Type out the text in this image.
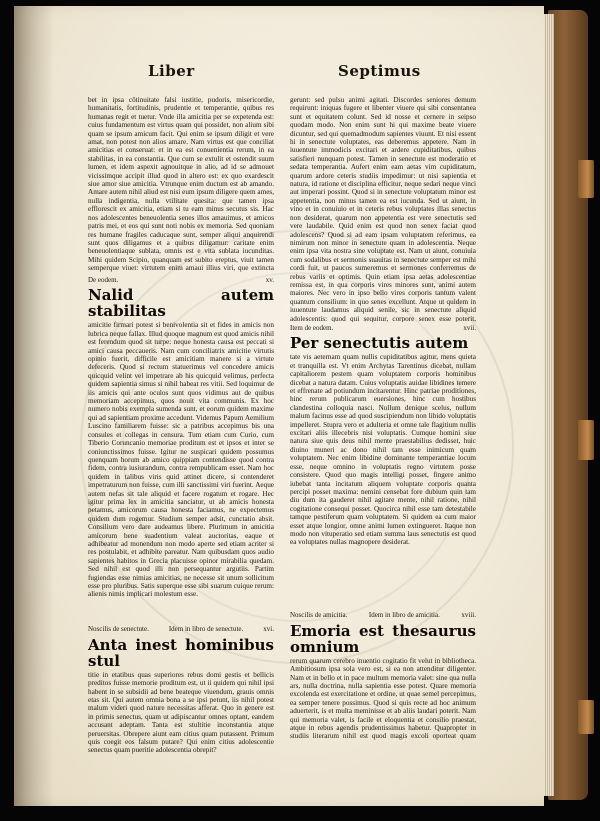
Liber	Septimus

bet in ipsa cõtinuitate falsi iustitie, pudoris, misericordie, humanitatis, fortitudinis, prudentie et temperantie, quibus res humanas regit et tuetur. Vnde illa amicitia per se expetenda est: cuius fundamentum est virtus quam qui possidet, non alium sibi quam se ipsum amicum facit. Qui enim se ipsum diligit et vere amat, non potest non alios amare. Nam virtus est que conciliat amicitias et conseruat: et in ea est conuenientia rerum, in ea stabilitas, in ea constantia. Que cum se extulit et ostendit suum lumen, et idem aspexit agnouitque in alio, ad id se admouet vicissimque accipit illud quod in altero est: ex quo exardescit siue amor siue amicitia. Vtrunque enim ductum est ab amando. Amare autem nihil aliud est nisi eum ipsum diligere quem ames, nulla indigentia, nulla vtilitate quesita: que tamen ipsa efflorescit ex amicitia, etiam si tu eam minus secutus sis. Hac nos adolescentes beneuolentia senes illos amauimus, et amicos patris mei, et eos qui sunt noti nobis ex memoria. Sed quoniam res humane fragiles caducaque sunt, semper aliqui anquirendi sunt quos diligamus et a quibus diligamur: caritate enim beneuolentiaque sublata, omnis est e vita sublata iucunditas. Mihi quidem Scipio, quanquam est subito ereptus, viuit tamen semperque viuet: virtutem enim amaui illius viri, que extincta

De eodem.	xv.
Nalid autem stabilitas

amicitie firmari potest si benivolentia sit et fides in amicis non lubrica neque fallax. Illud quoque magnum est quod amicis nihil est ferendum quod sit turpe: neque honesta causa est peccati si amici causa peccaueris. Nam cum conciliatrix amicitie virtutis opinio fuerit, difficile est amicitiam manere si a virtute defeceris. Quod si rectum statuerimus vel concedere amicis quicquid velint vel impetrare ab his quicquid velimus, perfecta quidem sapientia simus si nihil habeat res vitii. Sed loquimur de iis amicis qui ante oculos sunt quos vidimus aut de quibus memoriam accepimus, quos nouit vita communis. Ex hoc numero nobis exempla sumenda sunt, et eorum quidem maxime qui ad sapientiam proxime accedunt. Videmus Papum Aemilium Luscino familiarem fuisse: sic a patribus accepimus bis una consules et collegas in censura. Tum etiam cum Curio, cum Tiberio Coruncanio memoriae proditum est et ipsos et inter se coniunctissimos fuisse. Igitur ne suspicari quidem possumus quenquam horum ab amico quippiam contendisse quod contra fidem, contra iusiurandum, contra rempublicam esset. Nam hoc quidem in talibus viris quid attinet dicere, si contenderet impetraturum non fuisse, cum illi sanctissimi viri fuerint. Aeque autem nefas sit tale aliquid et facere rogatum et rogare. Hec igitur prima lex in amicitia sanciatur, ut ab amicis honesta petamus, amicorum causa honesta faciamus, ne expectemus quidem dum rogemur. Studium semper adsit, cunctatio absit. Consilium vero dare audeamus libere. Plurimum in amicitia amicorum bene suadentium valeat auctoritas, eaque et adhibeatur ad monendum non modo aperte sed etiam acriter si res postulabit, et adhibite pareatur. Nam quibusdam quos audio sapientes habitos in Grecia placuisse opinor mirabilia quedam. Sed nihil est quod illi non persequantur argutiis. Partim fugiendas esse nimias amicitias, ne necesse sit unum sollicitum esse pro pluribus. Satis superque esse sibi suarum cuique rerum: alienis nimis implicari molestum esse.

Noscilis de senectute.	Idem in libro de senectute.	xvi.
Anta inest hominibus stul

titie in etatibus quas superiores rebus domi gestis et bellicis preditos fuisse memorie proditum est, ut ii quidem qui nihil ipsi habent in se subsidii ad bene beateque viuendum, grauis omnis etas sit. Qui autem omnia bona a se ipsi petunt, iis nihil potest malum videri quod nature necessitas afferat. Quo in genere est in primis senectus, quam ut adipiscantur omnes optant, eandem accusant adeptam. Tanta est stultitie inconstantia atque peruersitas. Obrepere aiunt eam citius quam putassent. Primum quis coegit eos falsum putare? Qui enim citius adolescentie senectus quam pueritie adolescentia obrepit?

gerunt: sed pulsu animi agitati. Discordes seniores demum requirunt: iniquas fugere et libenter viuere qui sibi consentanea sunt et equitatem colunt. Sed id nosse et cernere in seipso quodam modo. Non enim sunt hi qui maxime beate viuere dicuntur, sed qui quemadmodum sapientes viuunt. Et nisi essent hi in senectute voluptates, eas deberemus appetere. Nam in iuuentute immodicis excitari et ardere cupiditatibus, quibus satisfieri nunquam potest. Tamen in senectute est moderatio et sedata temperantia. Aufert enim eam aetas vim cupiditatum, quarum ardore ceteris studiis impedimur: ut nisi sapientia et natura, id ratione et disciplina efficitur, neque sedari neque vinci aut imperari possint. Quod si in senectute voluptatum minor est appetentia, non minus tamen ea est iucunda. Sed ut aiunt, in vino et in conuiuio et in ceteris rebus voluptates illas senectus non desiderat, quarum non appetentia est vere senectutis sed vere laudabile. Quid enim est quod non senex faciat quod adolescens? Quod si ad eam ipsam voluptatem referimus, ea nimirum non minor in senectute quam in adolescentia. Neque enim ipsa vita nostra sine voluptate est. Nam ut aiunt, conuiuia cum sodalibus et sermonis suauitas in senectute semper est mihi cordi fuit, ut paucos sumeremus et sermones conferremus de rebus variis et optimis. Quin etiam ipsa aetas adolescentiae remissa est, in qua corporis vires minores sunt, animi autem maiores. Nec vero in ipso bello vires corporis tantum valent quantum consilium: in quo senes excellunt. Atque ut quidem in iuuentute laudamus aliquid senile, sic in senectute aliquid adolescentis: quod qui sequitur, corpore senex esse poterit,

Item de eodem.	xvii.
Per senectutis autem

tate vis aeternam quam nullis cupiditatibus agitur, mens quieta et tranquilla est. Vt enim Archytas Tarentinus dicebat, nullam capitaliorem pestem quam voluptatem corporis hominibus dicebat a natura datam. Cuius voluptatis auidae libidines temere et effrenate ad potiundum incitarentur. Hinc patriae proditiones, hinc rerum publicarum euersiones, hinc cum hostibus clandestina colloquia nasci. Nullum denique scelus, nullum malum facinus esse ad quod suscipiendum non libido voluptatis impelleret. Stupra vero et adulteria et omne tale flagitium nullis excitari aliis illecebris nisi voluptatis. Cumque homini siue natura siue quis deus nihil mente praestabilius dedisset, huic diuino muneri ac dono nihil tam esse inimicum quam voluptatem. Nec enim libidine dominante temperantiae locum esse, neque omnino in voluptatis regno virtutem posse consistere. Quod quo magis intelligi posset, fingere animo iubebat tanta incitatum aliquem voluptate corporis quanta percipi posset maxima: nemini censebat fore dubium quin tam diu dum ita gauderet nihil agitare mente, nihil ratione, nihil cogitatione consequi posset. Quocirca nihil esse tam detestabile tamque pestiferum quam voluptatem. Si quidem ea cum maior esset atque longior, omne animi lumen extingueret. Itaque non modo non vituperatio sed etiam summa laus senectutis est quod ea voluptates nullas magnopere desiderat.

Noscilis de amicitia.	Idem in libro de amicitia.	xviii.
Emoria est thesaurus omnium

rerum quarum cerebro inuentio cogitatio fit velut in bibliotheca. Ambitiosum ipsa sola vero est, si ea non attenditur diligenter. Nam et in bello et in pace multum memoria valet: sine qua nulla ars, nulla doctrina, nulla sapientia esse potest. Quare memoria excolenda est exercitatione et ordine, ut quae semel percepimus, ea semper tenere possimus. Quod si quis recte ad hoc animum aduerterit, is et multa meminisse et ab aliis laudari poterit. Nam qui memoria valet, is facile et eloquentia et consilio praestat, atque in rebus agendis prudentissimus habetur. Quapropter in studiis literarum nihil est quod magis excoli oporteat quam
